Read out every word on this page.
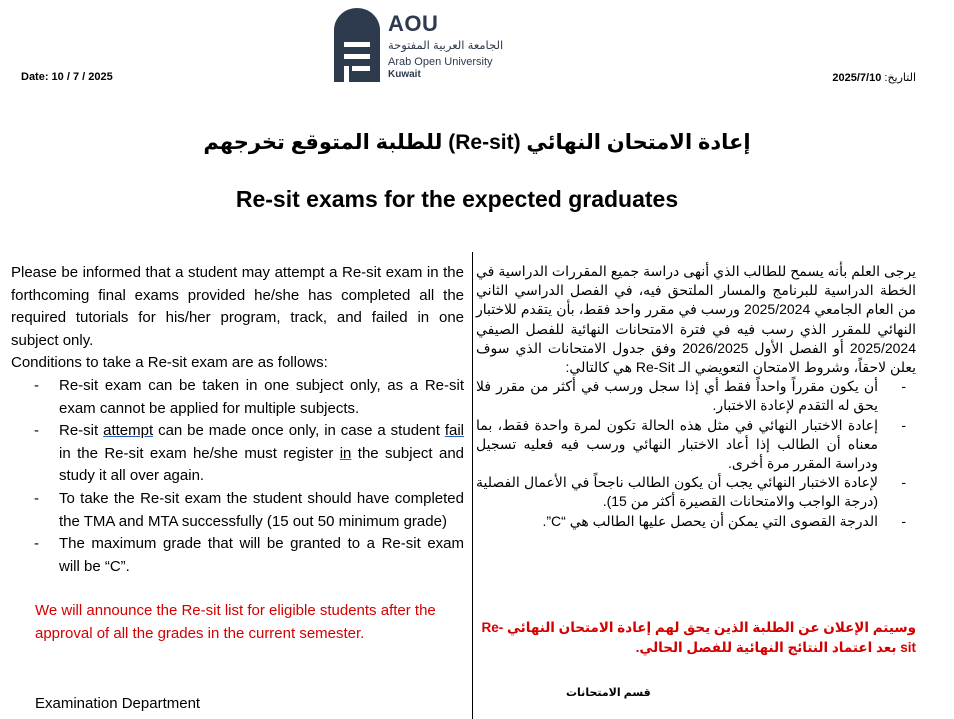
AOU
الجامعة العربية المفتوحة
Arab Open University
Kuwait
Date: 10 / 7 / 2025	التاريخ: 2025/7/10
إعادة الامتحان النهائي (Re-sit) للطلبة المتوقع تخرجهم
Re-sit exams for the expected graduates

Please be informed that a student may attempt a Re-sit exam in the forthcoming final exams provided he/she has completed all the required tutorials for his/her program, track, and failed in one subject only.

Conditions to take a Re-sit exam are as follows:

- Re-sit exam can be taken in one subject only, as a Re-sit exam cannot be applied for multiple subjects.
- Re-sit attempt can be made once only, in case a student fail in the Re-sit exam he/she must register in the subject and study it all over again.
- To take the Re-sit exam the student should have completed the TMA and MTA successfully (15 out 50 minimum grade)
- The maximum grade that will be granted to a Re-sit exam will be “C”.

We will announce the Re-sit list for eligible students after the approval of all the grades in the current semester.

Examination Department

يرجى العلم بأنه يسمح للطالب الذي أنهى دراسة جميع المقررات الدراسية في الخطة الدراسية للبرنامج والمسار الملتحق فيه، في الفصل الدراسي الثاني من العام الجامعي 2025/2024 ورسب في مقرر واحد فقط، بأن يتقدم للاختبار النهائي للمقرر الذي رسب فيه في فترة الامتحانات النهائية للفصل الصيفي 2025/2024 أو الفصل الأول 2026/2025 وفق جدول الامتحانات الذي سوف يعلن لاحقاً، وشروط الامتحان التعويضي الـ Re-Sit هي كالتالي:

-
أن يكون مقرراً واحداً فقط أي إذا سجل ورسب في أكثر من مقرر فلا يحق له التقدم لإعادة الاختبار.
-
إعادة الاختبار النهائي في مثل هذه الحالة تكون لمرة واحدة فقط، بما معناه أن الطالب إذا أعاد الاختبار النهائي ورسب فيه فعليه تسجيل ودراسة المقرر مرة أخرى.
-
لإعادة الاختبار النهائي يجب أن يكون الطالب ناجحاً في الأعمال الفصلية (درجة الواجب والامتحانات القصيرة أكثر من 15).
-
الدرجة القصوى التي يمكن أن يحصل عليها الطالب هي “C”.
وسيتم الإعلان عن الطلبة الذين يحق لهم إعادة الامتحان النهائي Re-sit بعد اعتماد النتائج النهائية للفصل الحالي.
قسم الامتحانات
